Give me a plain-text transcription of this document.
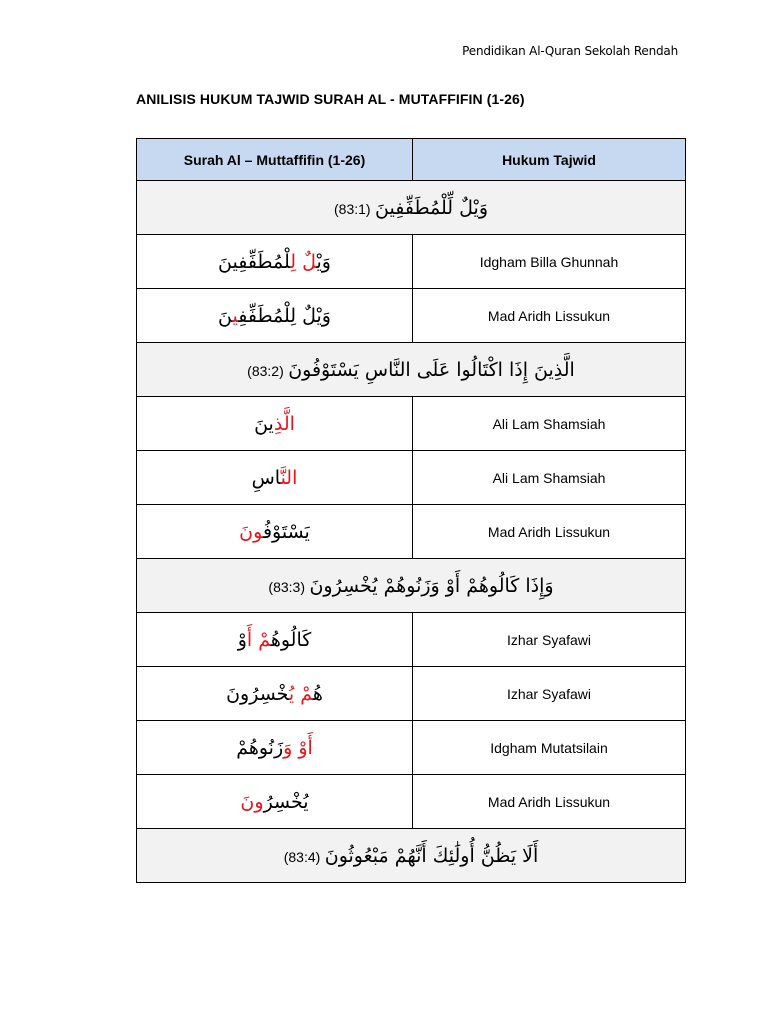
Pendidikan Al-Quran Sekolah Rendah
ANILISIS HUKUM TAJWID SURAH AL - MUTAFFIFIN (1-26)
Surah Al – Muttaffifin (1-26)	Hukum Tajwid
(83:1) وَيْلٌ لِّلْمُطَفِّفِينَ	
وَيْلٌ لِلْمُطَفِّفِينَ	Idgham Billa Ghunnah
وَيْلٌ لِلْمُطَفِّفِينَ	Mad Aridh Lissukun
(83:2) الَّذِينَ إِذَا اكْتَالُوا عَلَى النَّاسِ يَسْتَوْفُونَ	
الَّذِينَ	Ali Lam Shamsiah
النَّاسِ	Ali Lam Shamsiah
يَسْتَوْفُونَ	Mad Aridh Lissukun
(83:3) وَإِذَا كَالُوهُمْ أَوْ وَزَنُوهُمْ يُخْسِرُونَ	
كَالُوهُمْ أَوْ	Izhar Syafawi
هُمْ يُخْسِرُونَ	Izhar Syafawi
أَوْ وَزَنُوهُمْ	Idgham Mutatsilain
يُخْسِرُونَ	Mad Aridh Lissukun
(83:4) أَلَا يَظُنُّ أُولَٰئِكَ أَنَّهُمْ مَبْعُوثُونَ	
